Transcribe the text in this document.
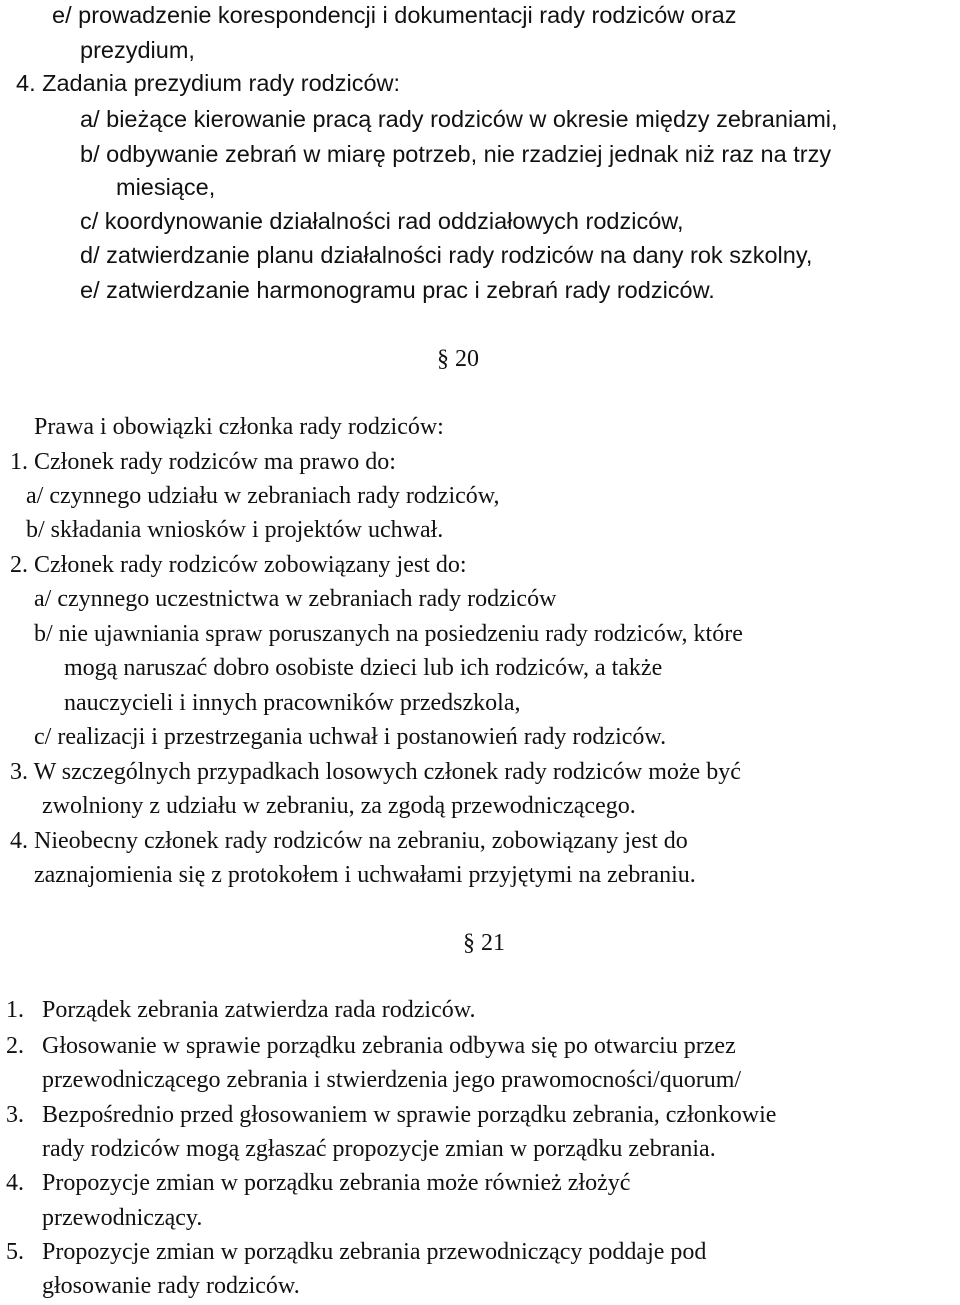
e/ prowadzenie korespondencji i dokumentacji rady rodziców oraz
prezydium,
4. Zadania prezydium rady rodziców:
a/ bieżące kierowanie pracą rady rodziców w okresie między zebraniami,
b/ odbywanie zebrań w miarę potrzeb, nie rzadziej jednak niż raz na trzy
miesiące,
c/ koordynowanie działalności rad oddziałowych rodziców,
d/ zatwierdzanie planu działalności rady rodziców na dany rok szkolny,
e/ zatwierdzanie harmonogramu prac i zebrań rady rodziców.
§ 20
Prawa i obowiązki członka rady rodziców:
1. Członek rady rodziców ma prawo do:
a/ czynnego udziału w zebraniach rady rodziców,
b/ składania wniosków i projektów uchwał.
2. Członek rady rodziców zobowiązany jest do:
a/ czynnego uczestnictwa w zebraniach rady rodziców
b/ nie ujawniania spraw poruszanych na posiedzeniu rady rodziców, które
mogą naruszać dobro osobiste dzieci lub ich rodziców, a także
nauczycieli i innych pracowników przedszkola,
c/ realizacji i przestrzegania uchwał i postanowień rady rodziców.
3. W szczególnych przypadkach losowych członek rady rodziców może być
zwolniony z udziału w zebraniu, za zgodą przewodniczącego.
4. Nieobecny członek rady rodziców na zebraniu, zobowiązany jest do
zaznajomienia się z protokołem i uchwałami przyjętymi na zebraniu.
§ 21
1. Porządek zebrania zatwierdza rada rodziców.
2. Głosowanie w sprawie porządku zebrania odbywa się po otwarciu przez
przewodniczącego zebrania i stwierdzenia jego prawomocności/quorum/
3. Bezpośrednio przed głosowaniem w sprawie porządku zebrania, członkowie
rady rodziców mogą zgłaszać propozycje zmian w porządku zebrania.
4. Propozycje zmian w porządku zebrania może również złożyć
przewodniczący.
5. Propozycje zmian w porządku zebrania przewodniczący poddaje pod
głosowanie rady rodziców.
